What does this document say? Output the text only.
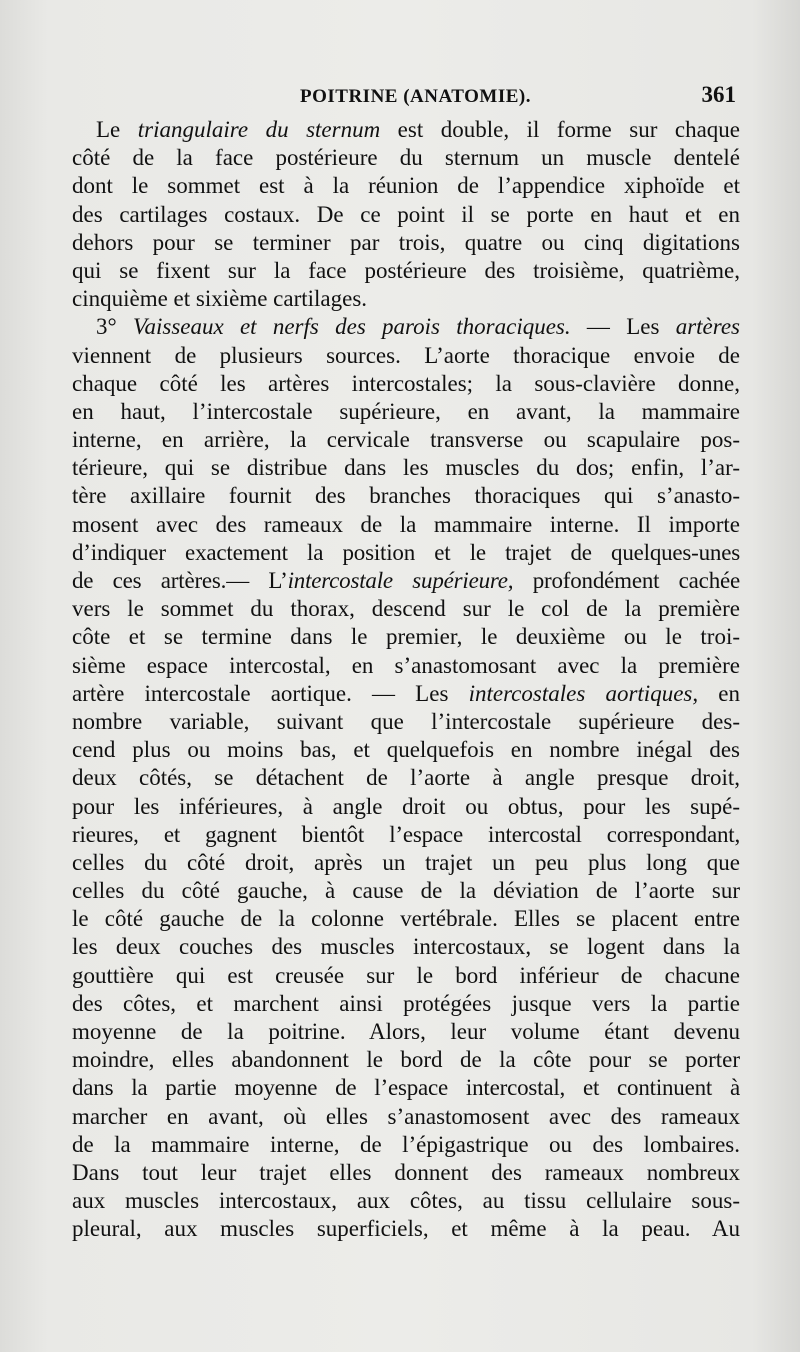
POITRINE (ANATOMIE).	361
Le triangulaire du sternum est double, il forme sur chaque
côté de la face postérieure du sternum un muscle dentelé
dont le sommet est à la réunion de l’appendice xiphoïde et
des cartilages costaux. De ce point il se porte en haut et en
dehors pour se terminer par trois, quatre ou cinq digitations
qui se fixent sur la face postérieure des troisième, quatrième,
cinquième et sixième cartilages.
3° Vaisseaux et nerfs des parois thoraciques. — Les artères
viennent de plusieurs sources. L’aorte thoracique envoie de
chaque côté les artères intercostales; la sous-clavière donne,
en haut, l’intercostale supérieure, en avant, la mammaire
interne, en arrière, la cervicale transverse ou scapulaire pos-
térieure, qui se distribue dans les muscles du dos; enfin, l’ar-
tère axillaire fournit des branches thoraciques qui s’anasto-
mosent avec des rameaux de la mammaire interne. Il importe
d’indiquer exactement la position et le trajet de quelques-unes
de ces artères.— L’intercostale supérieure, profondément cachée
vers le sommet du thorax, descend sur le col de la première
côte et se termine dans le premier, le deuxième ou le troi-
sième espace intercostal, en s’anastomosant avec la première
artère intercostale aortique. — Les intercostales aortiques, en
nombre variable, suivant que l’intercostale supérieure des-
cend plus ou moins bas, et quelquefois en nombre inégal des
deux côtés, se détachent de l’aorte à angle presque droit,
pour les inférieures, à angle droit ou obtus, pour les supé-
rieures, et gagnent bientôt l’espace intercostal correspondant,
celles du côté droit, après un trajet un peu plus long que
celles du côté gauche, à cause de la déviation de l’aorte sur
le côté gauche de la colonne vertébrale. Elles se placent entre
les deux couches des muscles intercostaux, se logent dans la
gouttière qui est creusée sur le bord inférieur de chacune
des côtes, et marchent ainsi protégées jusque vers la partie
moyenne de la poitrine. Alors, leur volume étant devenu
moindre, elles abandonnent le bord de la côte pour se porter
dans la partie moyenne de l’espace intercostal, et continuent à
marcher en avant, où elles s’anastomosent avec des rameaux
de la mammaire interne, de l’épigastrique ou des lombaires.
Dans tout leur trajet elles donnent des rameaux nombreux
aux muscles intercostaux, aux côtes, au tissu cellulaire sous-
pleural, aux muscles superficiels, et même à la peau. Au
